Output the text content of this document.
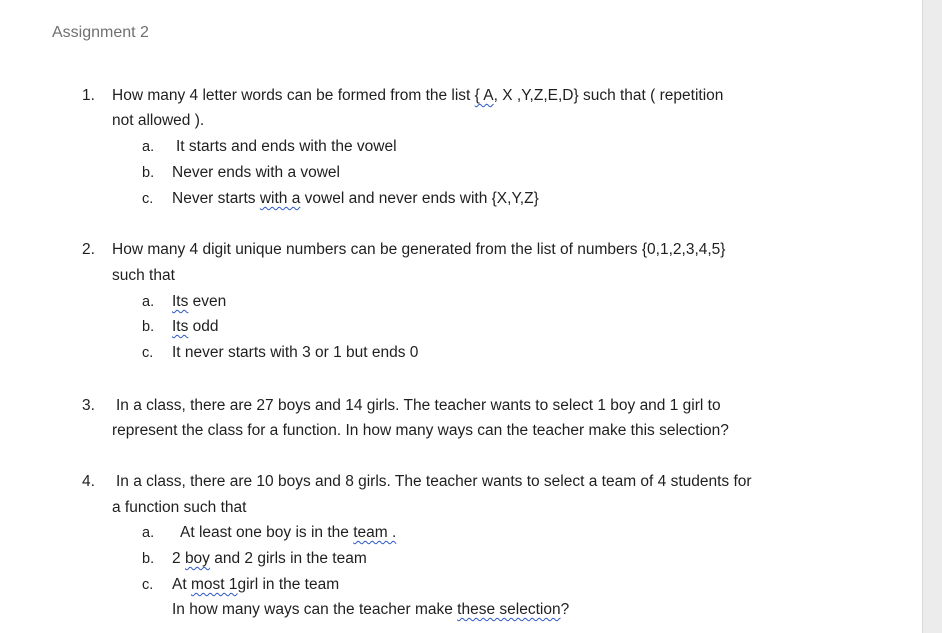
Assignment 2
1. How many 4 letter words can be formed from the list { A, X ,Y,Z,E,D} such that ( repetition
not allowed ).
a. It starts and ends with the vowel
b. Never ends with a vowel
c. Never starts with a vowel and never ends with {X,Y,Z}
2. How many 4 digit unique numbers can be generated from the list of numbers {0,1,2,3,4,5}
such that
a. Its even
b. Its odd
c. It never starts with 3 or 1 but ends 0
3. In a class, there are 27 boys and 14 girls. The teacher wants to select 1 boy and 1 girl to
represent the class for a function. In how many ways can the teacher make this selection?
4. In a class, there are 10 boys and 8 girls. The teacher wants to select a team of 4 students for
a function such that
a. At least one boy is in the team .
b. 2 boy and 2 girls in the team
c. At most 1girl in the team
In how many ways can the teacher make these selection?
